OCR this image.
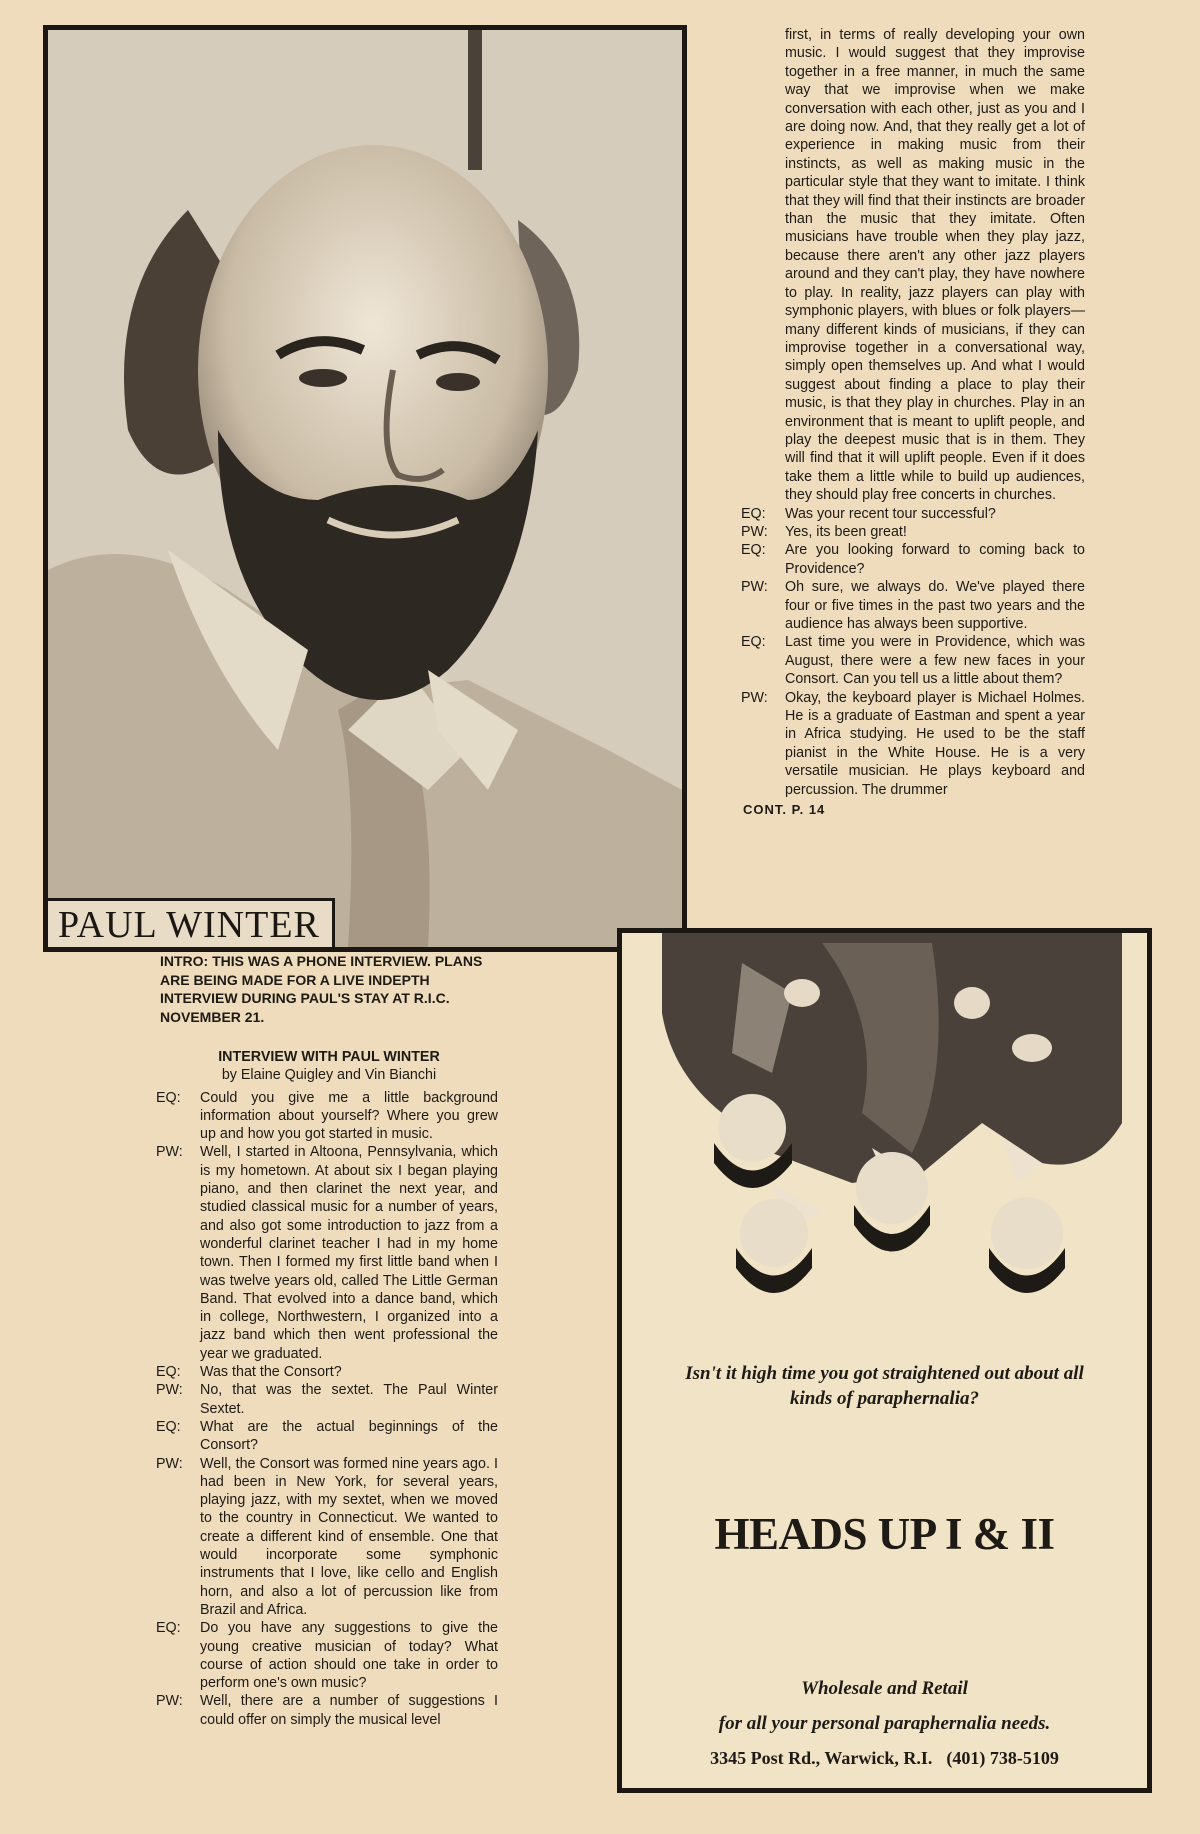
PAUL WINTER

first, in terms of really developing your own music. I would suggest that they improvise together in a free manner, in much the same way that we improvise when we make conversation with each other, just as you and I are doing now. And, that they really get a lot of experience in making music from their instincts, as well as making music in the particular style that they want to imitate. I think that they will find that their instincts are broader than the music that they imitate. Often musicians have trouble when they play jazz, because there aren't any other jazz players around and they can't play, they have nowhere to play. In reality, jazz players can play with symphonic players, with blues or folk players—many different kinds of musicians, if they can improvise together in a conversational way, simply open themselves up. And what I would suggest about finding a place to play their music, is that they play in churches. Play in an environment that is meant to uplift people, and play the deepest music that is in them. They will find that it will uplift people. Even if it does take them a little while to build up audiences, they should play free concerts in churches.

EQ:	Was your recent tour successful?
PW:	Yes, its been great!
EQ:	Are you looking forward to coming back to Providence?
PW:	Oh sure, we always do. We've played there four or five times in the past two years and the audience has always been supportive.
EQ:	Last time you were in Providence, which was August, there were a few new faces in your Consort. Can you tell us a little about them?
PW:	Okay, the keyboard player is Michael Holmes. He is a graduate of Eastman and spent a year in Africa studying. He used to be the staff pianist in the White House. He is a very versatile musician. He plays keyboard and percussion. The drummer
CONT. P. 14

INTRO: THIS WAS A PHONE INTERVIEW. PLANS ARE BEING MADE FOR A LIVE INDEPTH INTERVIEW DURING PAUL'S STAY AT R.I.C. NOVEMBER 21.

INTERVIEW WITH PAUL WINTER

by Elaine Quigley and Vin Bianchi

EQ:	Could you give me a little background information about yourself? Where you grew up and how you got started in music.
PW:	Well, I started in Altoona, Pennsylvania, which is my hometown. At about six I began playing piano, and then clarinet the next year, and studied classical music for a number of years, and also got some introduction to jazz from a wonderful clarinet teacher I had in my home town. Then I formed my first little band when I was twelve years old, called The Little German Band. That evolved into a dance band, which in college, Northwestern, I organized into a jazz band which then went professional the year we graduated.
EQ:	Was that the Consort?
PW:	No, that was the sextet. The Paul Winter Sextet.
EQ:	What are the actual beginnings of the Consort?
PW:	Well, the Consort was formed nine years ago. I had been in New York, for several years, playing jazz, with my sextet, when we moved to the country in Connecticut. We wanted to create a different kind of ensemble. One that would incorporate some symphonic instruments that I love, like cello and English horn, and also a lot of percussion like from Brazil and Africa.
EQ:	Do you have any suggestions to give the young creative musician of today? What course of action should one take in order to perform one's own music?
PW:	Well, there are a number of suggestions I could offer on simply the musical level
Isn't it high time you got straightened out about all kinds of paraphernalia?
HEADS UP I & II
Wholesale and Retail
for all your personal paraphernalia needs.
3345 Post Rd., Warwick, R.I. (401) 738-5109
